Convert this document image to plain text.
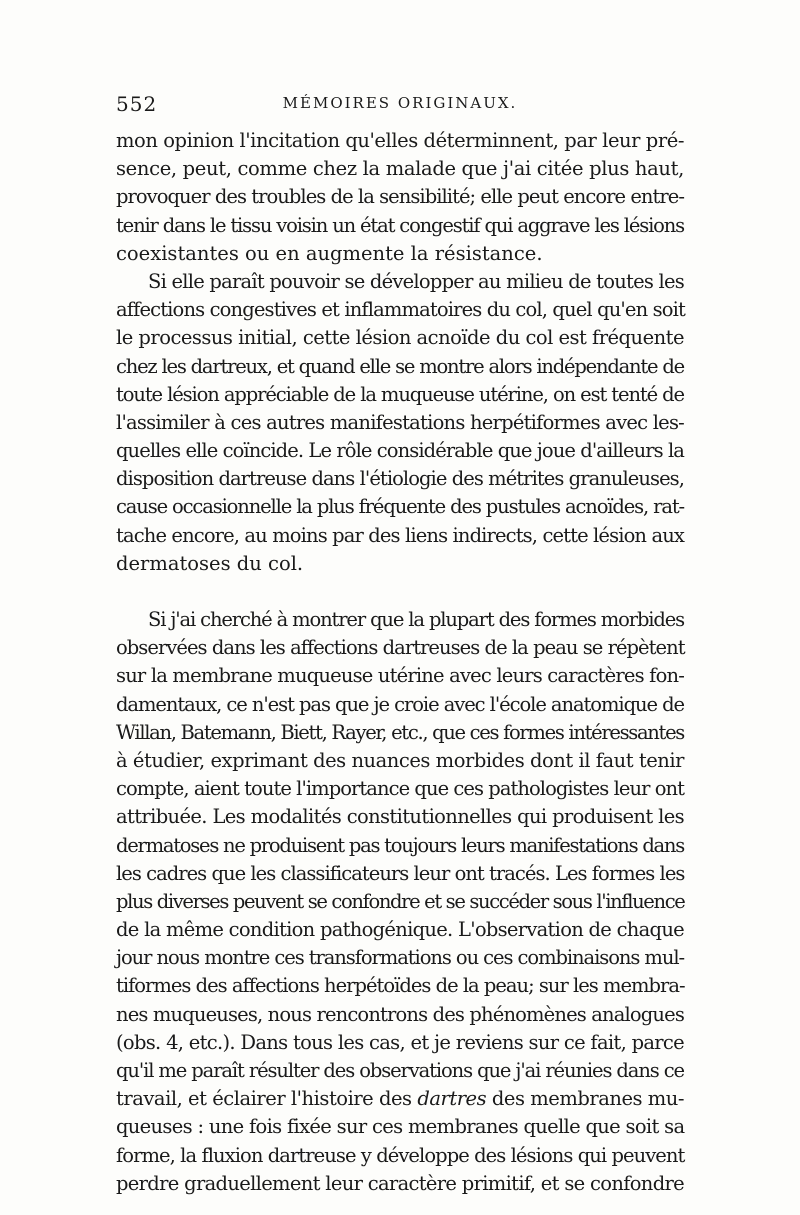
552	MÉMOIRES ORIGINAUX.
mon opinion l'incitation qu'elles déterminnent, par leur pré-
sence, peut, comme chez la malade que j'ai citée plus haut,
provoquer des troubles de la sensibilité; elle peut encore entre-
tenir dans le tissu voisin un état congestif qui aggrave les lésions
coexistantes ou en augmente la résistance.
Si elle paraît pouvoir se développer au milieu de toutes les
affections congestives et inflammatoires du col, quel qu'en soit
le processus initial, cette lésion acnoïde du col est fréquente
chez les dartreux, et quand elle se montre alors indépendante de
toute lésion appréciable de la muqueuse utérine, on est tenté de
l'assimiler à ces autres manifestations herpétiformes avec les-
quelles elle coïncide. Le rôle considérable que joue d'ailleurs la
disposition dartreuse dans l'étiologie des métrites granuleuses,
cause occasionnelle la plus fréquente des pustules acnoïdes, rat-
tache encore, au moins par des liens indirects, cette lésion aux
dermatoses du col.
Si j'ai cherché à montrer que la plupart des formes morbides
observées dans les affections dartreuses de la peau se répètent
sur la membrane muqueuse utérine avec leurs caractères fon-
damentaux, ce n'est pas que je croie avec l'école anatomique de
Willan, Batemann, Biett, Rayer, etc., que ces formes intéressantes
à étudier, exprimant des nuances morbides dont il faut tenir
compte, aient toute l'importance que ces pathologistes leur ont
attribuée. Les modalités constitutionnelles qui produisent les
dermatoses ne produisent pas toujours leurs manifestations dans
les cadres que les classificateurs leur ont tracés. Les formes les
plus diverses peuvent se confondre et se succéder sous l'influence
de la même condition pathogénique. L'observation de chaque
jour nous montre ces transformations ou ces combinaisons mul-
tiformes des affections herpétoïdes de la peau; sur les membra-
nes muqueuses, nous rencontrons des phénomènes analogues
(obs. 4, etc.). Dans tous les cas, et je reviens sur ce fait, parce
qu'il me paraît résulter des observations que j'ai réunies dans ce
travail, et éclairer l'histoire des dartres des membranes mu-
queuses : une fois fixée sur ces membranes quelle que soit sa
forme, la fluxion dartreuse y développe des lésions qui peuvent
perdre graduellement leur caractère primitif, et se confondre
